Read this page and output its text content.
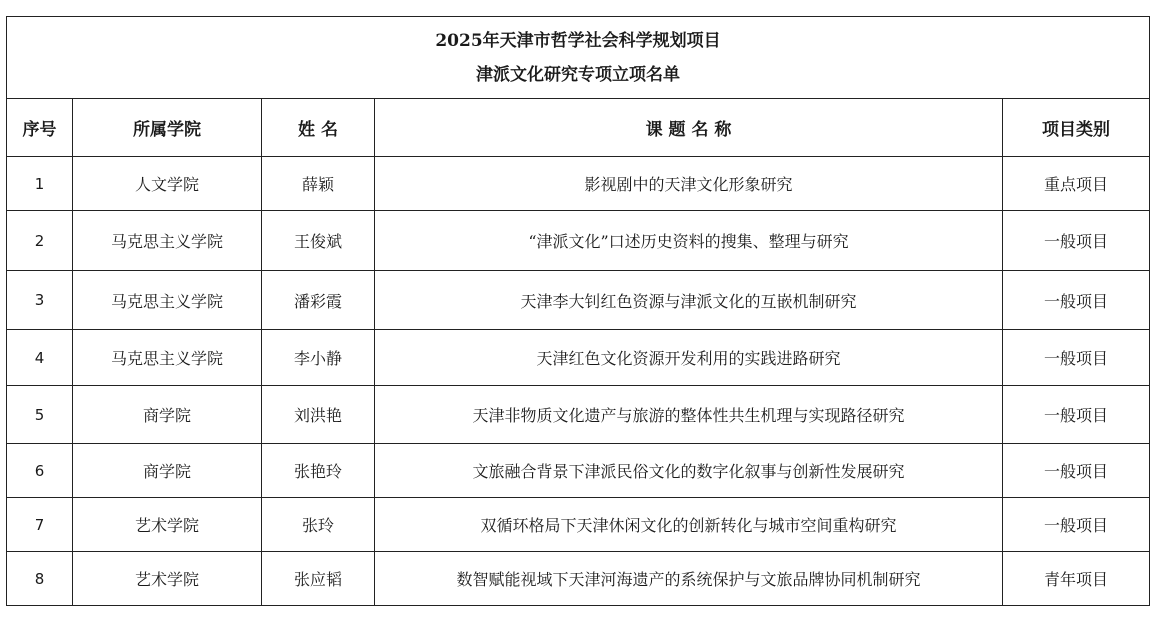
2025年天津市哲学社会科学规划项目
津派文化研究专项立项名单				

序号	所属学院	姓 名	课 题 名 称	项目类别
1	人文学院	薛颖	影视剧中的天津文化形象研究	重点项目
2	马克思主义学院	王俊斌	“津派文化”口述历史资料的搜集、整理与研究	一般项目
3	马克思主义学院	潘彩霞	天津李大钊红色资源与津派文化的互嵌机制研究	一般项目
4	马克思主义学院	李小静	天津红色文化资源开发利用的实践进路研究	一般项目
5	商学院	刘洪艳	天津非物质文化遗产与旅游的整体性共生机理与实现路径研究	一般项目
6	商学院	张艳玲	文旅融合背景下津派民俗文化的数字化叙事与创新性发展研究	一般项目
7	艺术学院	张玲	双循环格局下天津休闲文化的创新转化与城市空间重构研究	一般项目
8	艺术学院	张应韬	数智赋能视域下天津河海遗产的系统保护与文旅品牌协同机制研究	青年项目
